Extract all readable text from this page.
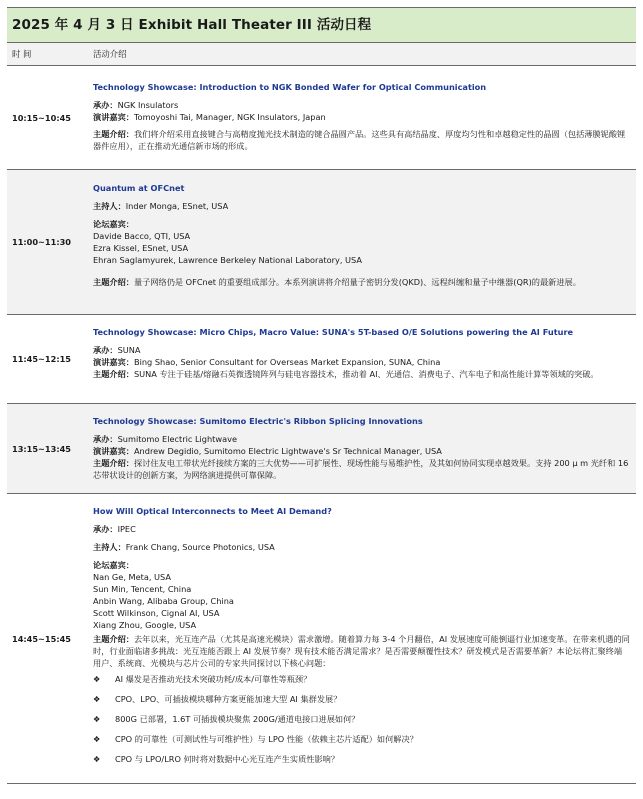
2025 年 4 月 3 日 Exhibit Hall Theater III 活动日程
时 间	活动介绍
10:15~10:45
Technology Showcase: Introduction to NGK Bonded Wafer for Optical Communication
承办：NGK Insulators
演讲嘉宾：Tomoyoshi Tai, Manager, NGK Insulators, Japan
主题介绍：我们将介绍采用直接键合与高精度抛光技术制造的键合晶圆产品。这些具有高结晶度、厚度均匀性和卓越稳定性的晶圆（包括薄膜铌酸锂器件应用），正在推动光通信新市场的形成。
11:00~11:30
Quantum at OFCnet
主持人：Inder Monga, ESnet, USA
论坛嘉宾：
Davide Bacco, QTI, USA
Ezra Kissel, ESnet, USA
Ehran Saglamyurek, Lawrence Berkeley National Laboratory, USA
主题介绍：量子网络仍是 OFCnet 的重要组成部分。本系列演讲将介绍量子密钥分发(QKD)、远程纠缠和量子中继器(QR)的最新进展。
11:45~12:15
Technology Showcase: Micro Chips, Macro Value: SUNA's 5T-based O/E Solutions powering the AI Future
承办：SUNA
演讲嘉宾：Bing Shao, Senior Consultant for Overseas Market Expansion, SUNA, China
主题介绍：SUNA 专注于硅基/熔融石英微透镜阵列与硅电容器技术，推动着 AI、光通信、消费电子、汽车电子和高性能计算等领域的突破。
13:15~13:45
Technology Showcase: Sumitomo Electric's Ribbon Splicing Innovations
承办：Sumitomo Electric Lightwave
演讲嘉宾：Andrew Degidio, Sumitomo Electric Lightwave's Sr Technical Manager, USA
主题介绍：探讨住友电工带状光纤接续方案的三大优势——可扩展性、现场性能与易维护性，及其如何协同实现卓越效果。支持 200 μ m 光纤和 16 芯带状设计的创新方案，为网络演进提供可靠保障。
14:45~15:45
How Will Optical Interconnects to Meet AI Demand?
承办：IPEC
主持人：Frank Chang, Source Photonics, USA
论坛嘉宾：
Nan Ge, Meta, USA
Sun Min, Tencent, China
Anbin Wang, Alibaba Group, China
Scott Wilkinson, Cignal AI, USA
Xiang Zhou, Google, USA
主题介绍：去年以来，光互连产品（尤其是高速光模块）需求激增。随着算力每 3-4 个月翻倍，AI 发展速度可能倒逼行业加速变革。在带来机遇的同时，行业面临诸多挑战：光互连能否跟上 AI 发展节奏？现有技术能否满足需求？是否需要颠覆性技术？研发模式是否需要革新？本论坛将汇聚终端用户、系统商、光模块与芯片公司的专家共同探讨以下核心问题：
❖	AI 爆发是否推动光技术突破功耗/成本/可靠性等瓶颈？
❖	CPO、LPO、可插拔模块哪种方案更能加速大型 AI 集群发展？
❖	800G 已部署，1.6T 可插拔模块聚焦 200G/通道电接口进展如何？
❖	CPO 的可靠性（可测试性与可维护性）与 LPO 性能（依赖主芯片适配）如何解决？
❖	CPO 与 LPO/LRO 何时将对数据中心光互连产生实质性影响？
